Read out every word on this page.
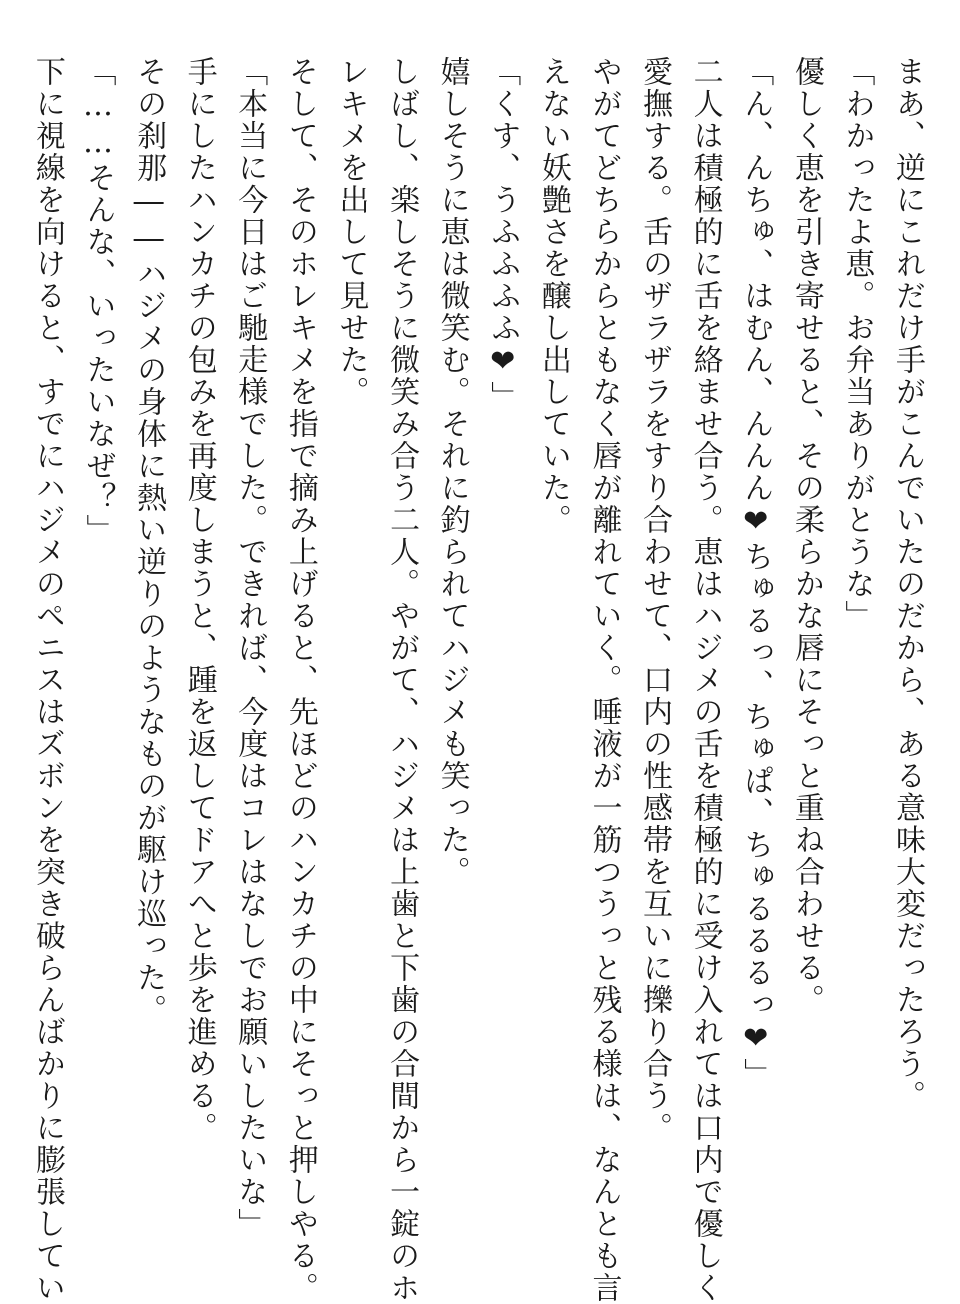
まあ、逆にこれだけ手がこんでいたのだから、ある意味大変だったろう。
「わかったよ恵。お弁当ありがとうな」
優しく恵を引き寄せると、その柔らかな唇にそっと重ね合わせる。
「ん、んちゅ、はむん、んんん❤ちゅるっ、ちゅぱ、ちゅるるるっ❤」
二人は積極的に舌を絡ませ合う。恵はハジメの舌を積極的に受け入れては口内で優しく
愛撫する。舌のザラザラをすり合わせて、口内の性感帯を互いに擽り合う。
やがてどちらからともなく唇が離れていく。唾液が一筋つうっと残る様は、なんとも言
えない妖艶さを醸し出していた。
「くす、うふふふふ❤」
嬉しそうに恵は微笑む。それに釣られてハジメも笑った。
しばし、楽しそうに微笑み合う二人。やがて、ハジメは上歯と下歯の合間から一錠のホ
レキメを出して見せた。
そして、そのホレキメを指で摘み上げると、先ほどのハンカチの中にそっと押しやる。
「本当に今日はご馳走様でした。できれば、今度はコレはなしでお願いしたいな」
手にしたハンカチの包みを再度しまうと、踵を返してドアへと歩を進める。
その刹那――ハジメの身体に熱い逆りのようなものが駆け巡った。
「……そんな、いったいなぜ？」
下に視線を向けると、すでにハジメのペニスはズボンを突き破らんばかりに膨張してい
